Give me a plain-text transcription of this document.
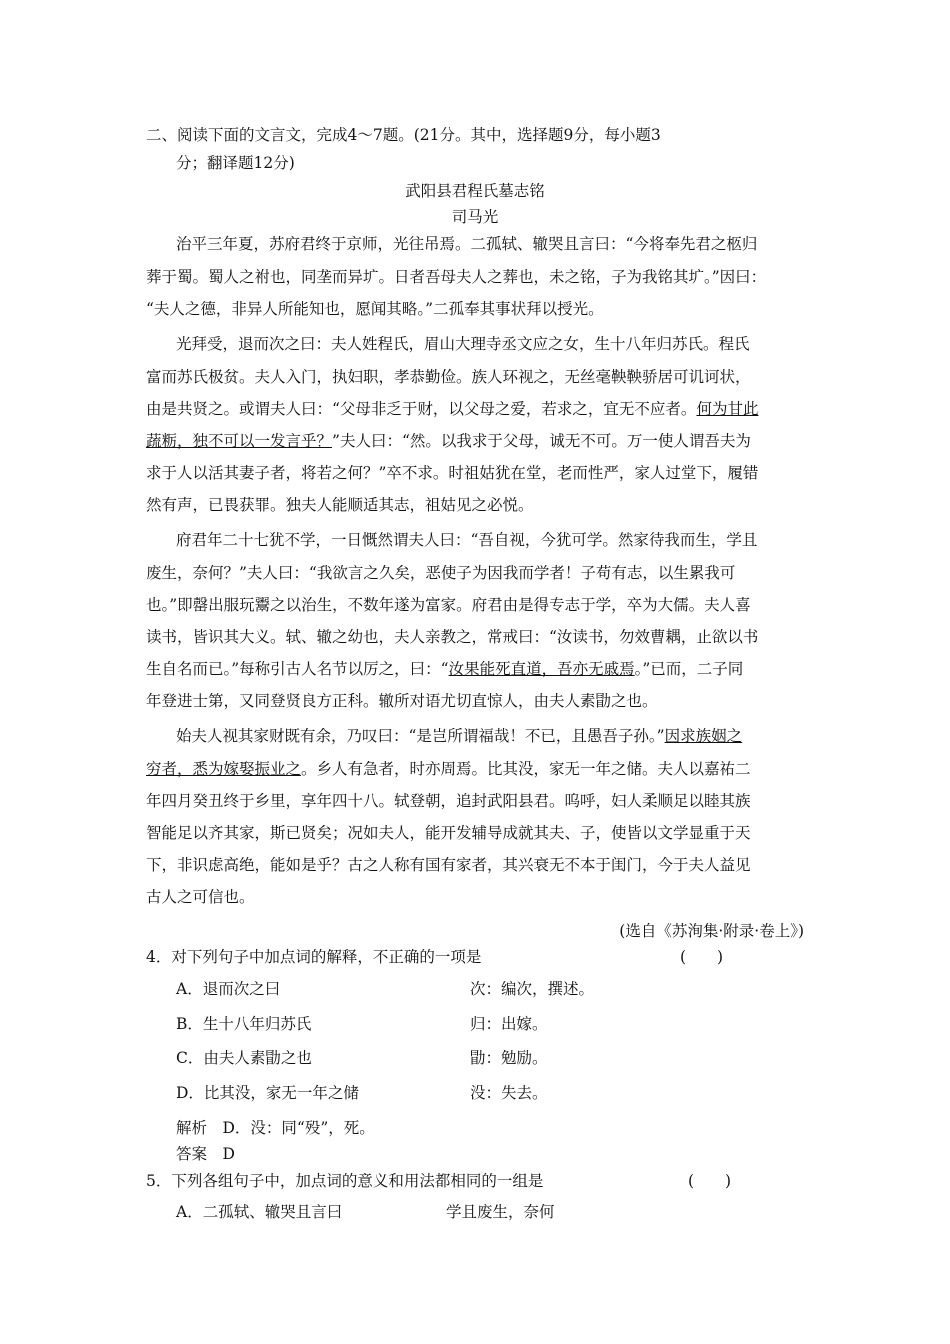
二、阅读下面的文言文，完成4～7题。(21分。其中，选择题9分，每小题3
分；翻译题12分)
武阳县君程氏墓志铭
司马光
治平三年夏，苏府君终于京师，光往吊焉。二孤轼、辙哭且言曰：“今将奉先君之柩归
葬于蜀。蜀人之祔也，同垄而异圹。日者吾母夫人之葬也，未之铭，子为我铭其圹。”因曰：
“夫人之德，非异人所能知也，愿闻其略。”二孤奉其事状拜以授光。
光拜受，退而次之曰：夫人姓程氏，眉山大理寺丞文应之女，生十八年归苏氏。程氏
富而苏氏极贫。夫人入门，执妇职，孝恭勤俭。族人环视之，无丝毫鞅鞅骄居可讥诃状，
由是共贤之。或谓夫人曰：“父母非乏于财，以父母之爱，若求之，宜无不应者。何为甘此
蔬粝，独不可以一发言乎？”夫人曰：“然。以我求于父母，诚无不可。万一使人谓吾夫为
求于人以活其妻子者，将若之何？”卒不求。时祖姑犹在堂，老而性严，家人过堂下，履错
然有声，已畏获罪。独夫人能顺适其志，祖姑见之必悦。
府君年二十七犹不学，一日慨然谓夫人曰：“吾自视，今犹可学。然家待我而生，学且
废生，奈何？”夫人曰：“我欲言之久矣，恶使子为因我而学者！子苟有志，以生累我可
也。”即罄出服玩鬻之以治生，不数年遂为富家。府君由是得专志于学，卒为大儒。夫人喜
读书，皆识其大义。轼、辙之幼也，夫人亲教之，常戒曰：“汝读书，勿效曹耦，止欲以书
生自名而已。”每称引古人名节以厉之，曰：“汝果能死直道，吾亦无戚焉。”已而，二子同
年登进士第，又同登贤良方正科。辙所对语尤切直惊人，由夫人素勖之也。
始夫人视其家财既有余，乃叹曰：“是岂所谓福哉！不已，且愚吾子孙。”因求族姻之
穷者，悉为嫁娶振业之。乡人有急者，时亦周焉。比其没，家无一年之储。夫人以嘉祐二
年四月癸丑终于乡里，享年四十八。轼登朝，追封武阳县君。呜呼，妇人柔顺足以睦其族
智能足以齐其家，斯已贤矣；况如夫人，能开发辅导成就其夫、子，使皆以文学显重于天
下，非识虑高绝，能如是乎？古之人称有国有家者，其兴衰无不本于闺门，今于夫人益见
古人之可信也。
(选自《苏洵集·附录·卷上》)
4．对下列句子中加点词的解释，不正确的一项是	(　　)
A．退而次之曰	次：编次，撰述。
B．生十八年归苏氏	归：出嫁。
C．由夫人素勖之也	勖：勉励。
D．比其没，家无一年之储	没：失去。
解析　D．没：同“殁”，死。
答案　D
5．下列各组句子中，加点词的意义和用法都相同的一组是	(　　)
A．二孤轼、辙哭且言曰	学且废生，奈何
